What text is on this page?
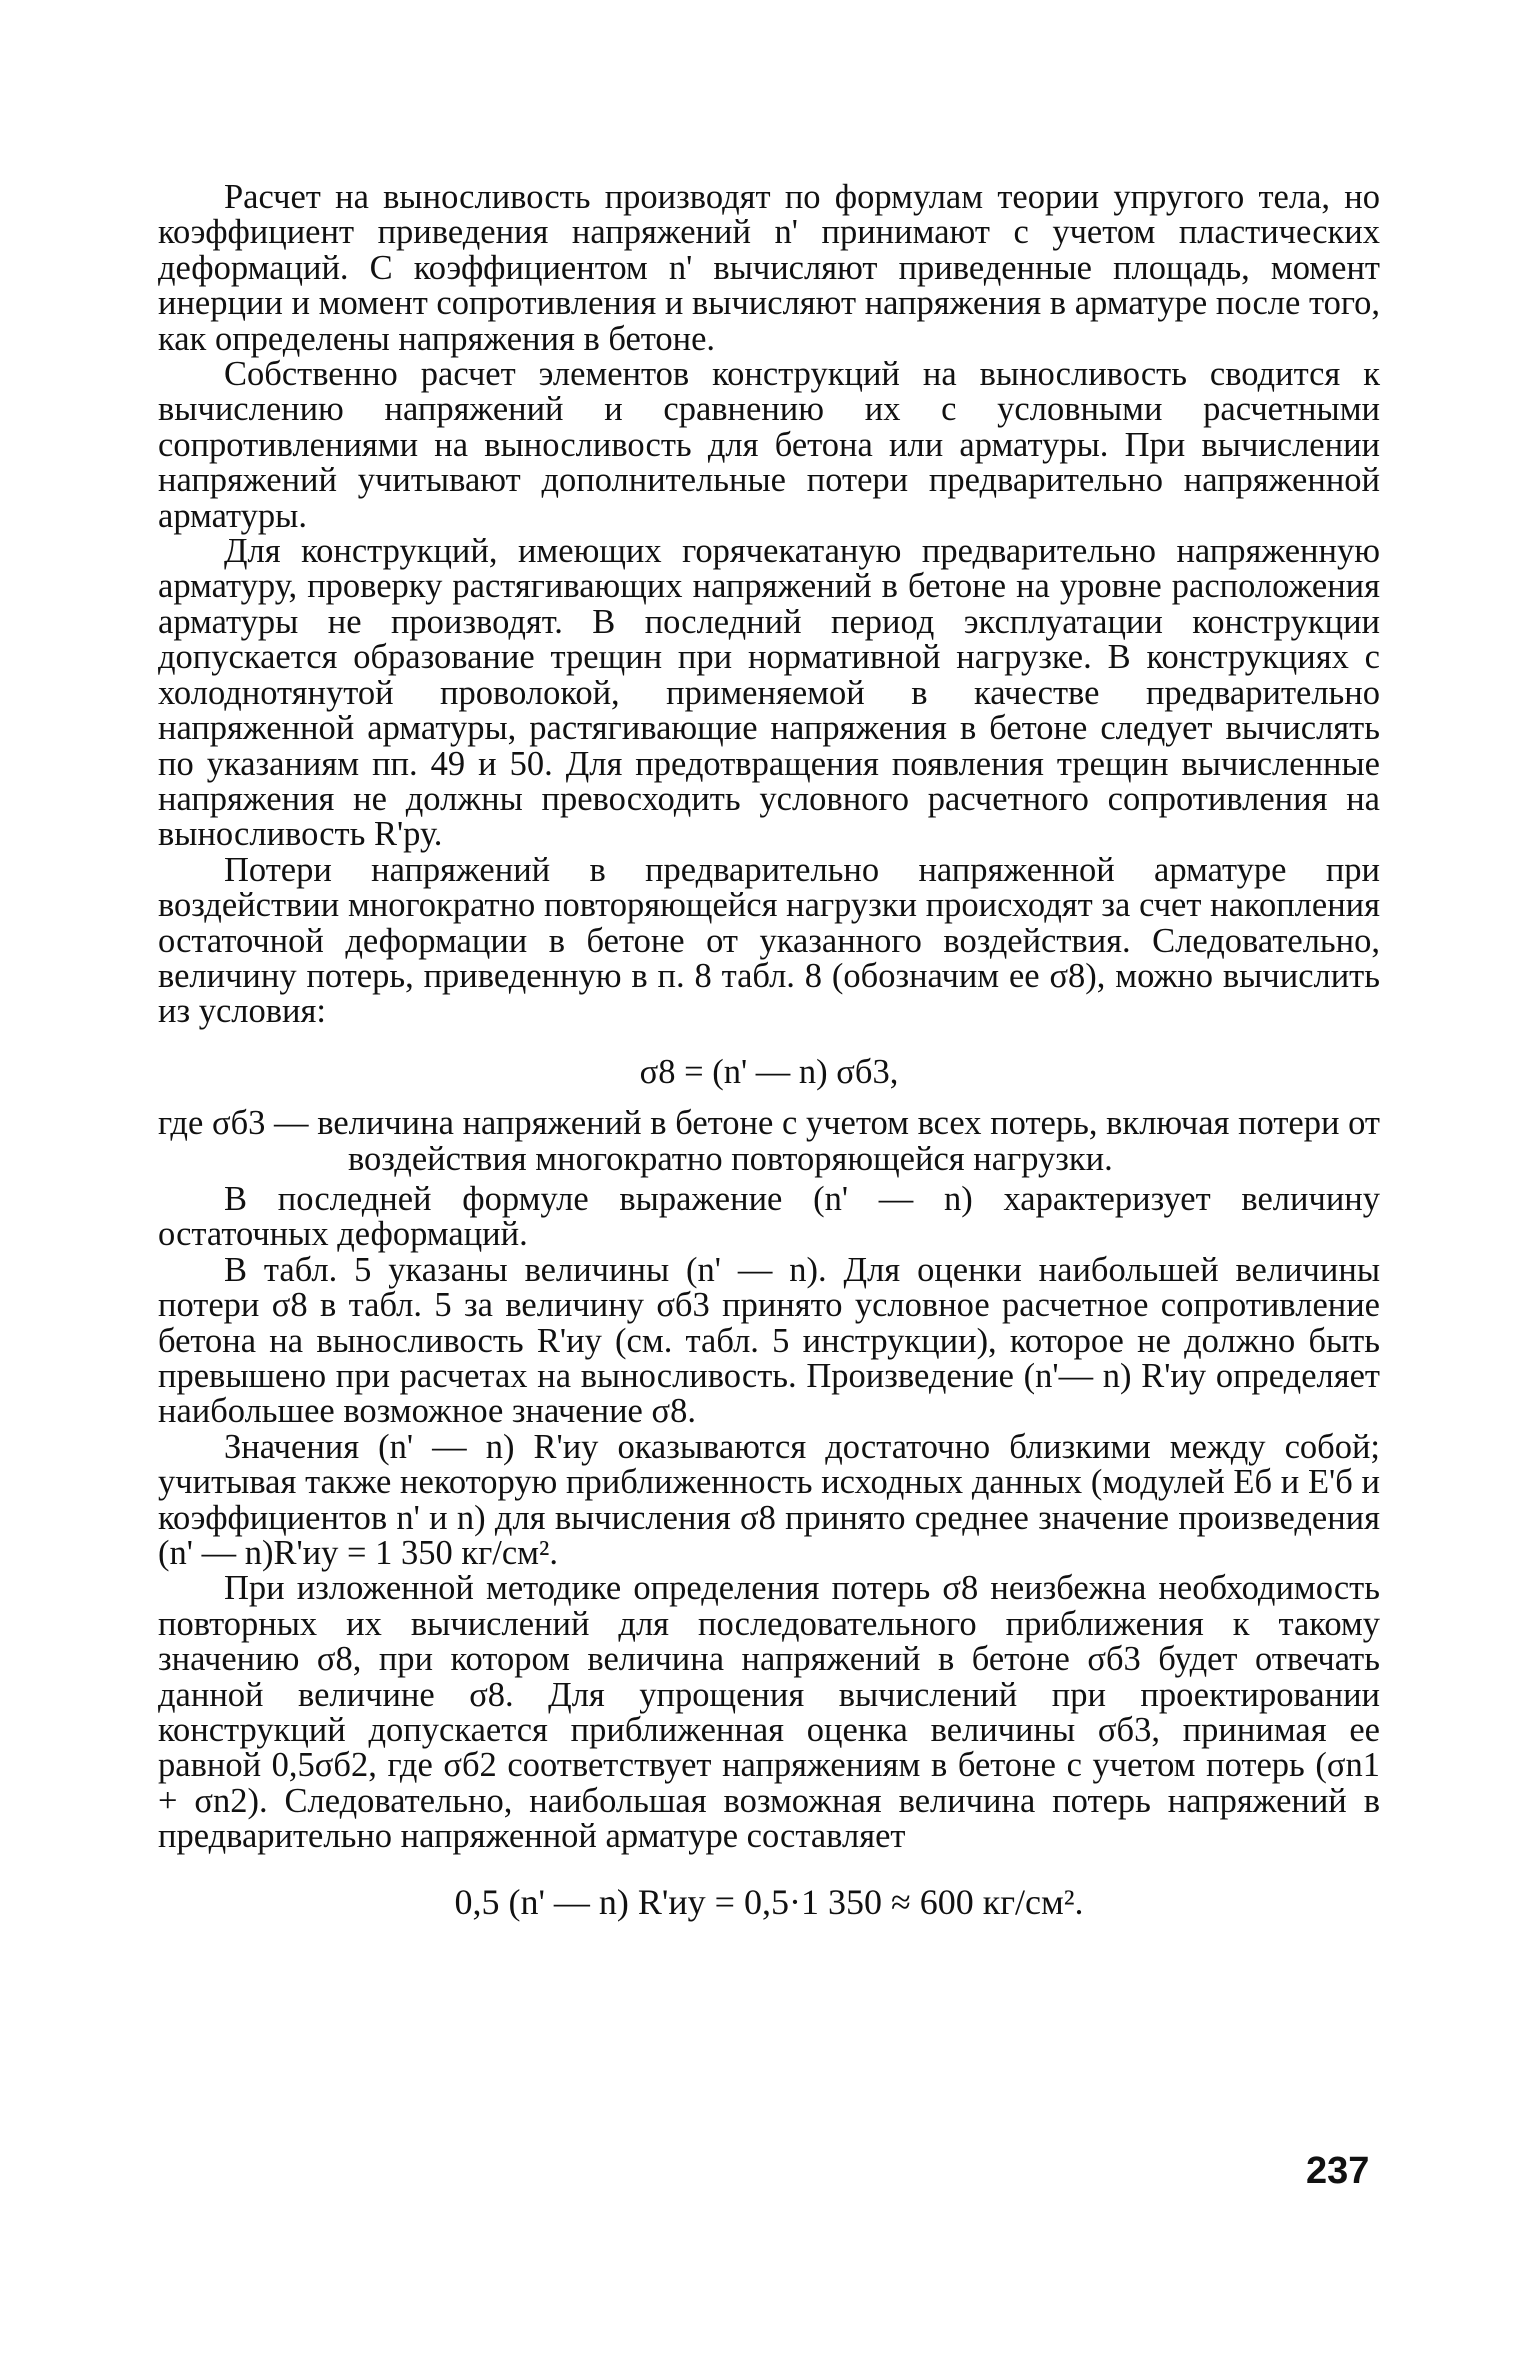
Расчет на выносливость производят по формулам теории упругого тела, но коэффициент приведения напряжений n' принимают с учетом пластических деформаций. С коэффициентом n' вычисляют приведенные площадь, момент инерции и момент сопротивления и вычисляют напряжения в арматуре после того, как определены напряжения в бетоне.

Собственно расчет элементов конструкций на выносливость сводится к вычислению напряжений и сравнению их с условными расчетными сопротивлениями на выносливость для бетона или арматуры. При вычислении напряжений учитывают дополнительные потери предварительно напряженной арматуры.

Для конструкций, имеющих горячекатаную предварительно напряженную арматуру, проверку растягивающих напряжений в бетоне на уровне расположения арматуры не производят. В последний период эксплуатации конструкции допускается образование трещин при нормативной нагрузке. В конструкциях с холоднотянутой проволокой, применяемой в качестве предварительно напряженной арматуры, растягивающие напряжения в бетоне следует вычислять по указаниям пп. 49 и 50. Для предотвращения появления трещин вычисленные напряжения не должны превосходить условного расчетного сопротивления на выносливость R'ру.

Потери напряжений в предварительно напряженной арматуре при воздействии многократно повторяющейся нагрузки происходят за счет накопления остаточной деформации в бетоне от указанного воздействия. Следовательно, величину потерь, приведенную в п. 8 табл. 8 (обозначим ее σ8), можно вычислить из условия:

σ8 = (n' — n) σб3,
где σб3 — величина напряжений в бетоне с учетом всех потерь, включая потери от воздействия многократно повторяющейся нагрузки.

В последней формуле выражение (n' — n) характеризует величину остаточных деформаций.

В табл. 5 указаны величины (n' — n). Для оценки наибольшей величины потери σ8 в табл. 5 за величину σб3 принято условное расчетное сопротивление бетона на выносливость R'иу (см. табл. 5 инструкции), которое не должно быть превышено при расчетах на выносливость. Произведение (n'— n) R'иу определяет наибольшее возможное значение σ8.

Значения (n' — n) R'иу оказываются достаточно близкими между собой; учитывая также некоторую приближенность исходных данных (модулей Eб и E'б и коэффициентов n' и n) для вычисления σ8 принято среднее значение произведения (n' — n)R'иу = 1 350 кг/см².

При изложенной методике определения потерь σ8 неизбежна необходимость повторных их вычислений для последовательного приближения к такому значению σ8, при котором величина напряжений в бетоне σб3 будет отвечать данной величине σ8. Для упрощения вычислений при проектировании конструкций допускается приближенная оценка величины σб3, принимая ее равной 0,5σб2, где σб2 соответствует напряжениям в бетоне с учетом потерь (σn1 + σn2). Следовательно, наибольшая возможная величина потерь напряжений в предварительно напряженной арматуре составляет

0,5 (n' — n) R'иу = 0,5·1 350 ≈ 600 кг/см².
237
